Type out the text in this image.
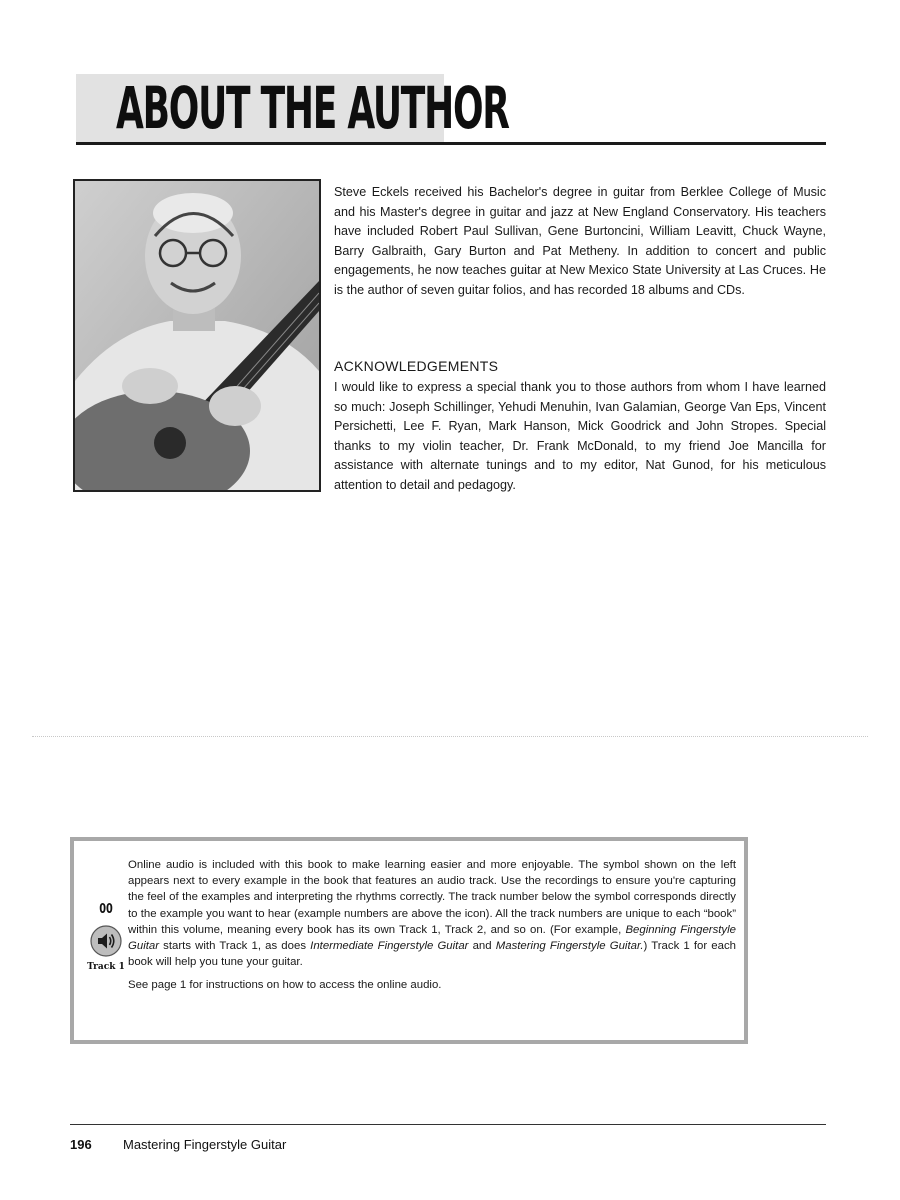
ABOUT THE AUTHOR
Steve Eckels received his Bachelor's degree in guitar from Berklee College of Music and his Master's degree in guitar and jazz at New England Conservatory. His teachers have included Robert Paul Sullivan, Gene Burtoncini, William Leavitt, Chuck Wayne, Barry Galbraith, Gary Burton and Pat Metheny. In addition to concert and public engagements, he now teaches guitar at New Mexico State University at Las Cruces. He is the author of seven guitar folios, and has recorded 18 albums and CDs.
ACKNOWLEDGEMENTS
I would like to express a special thank you to those authors from whom I have learned so much: Joseph Schillinger, Yehudi Menuhin, Ivan Galamian, George Van Eps, Vincent Persichetti, Lee F. Ryan, Mark Hanson, Mick Goodrick and John Stropes. Special thanks to my violin teacher, Dr. Frank McDonald, to my friend Joe Mancilla for assistance with alternate tunings and to my editor, Nat Gunod, for his meticulous attention to detail and pedagogy.
00
Track 1

Online audio is included with this book to make learning easier and more enjoyable. The symbol shown on the left appears next to every example in the book that features an audio track. Use the recordings to ensure you're capturing the feel of the examples and interpreting the rhythms correctly. The track number below the symbol corresponds directly to the example you want to hear (example numbers are above the icon). All the track numbers are unique to each “book” within this volume, meaning every book has its own Track 1, Track 2, and so on. (For example, Beginning Fingerstyle Guitar starts with Track 1, as does Intermediate Fingerstyle Guitar and Mastering Fingerstyle Guitar.) Track 1 for each book will help you tune your guitar.

See page 1 for instructions on how to access the online audio.

196 Mastering Fingerstyle Guitar
